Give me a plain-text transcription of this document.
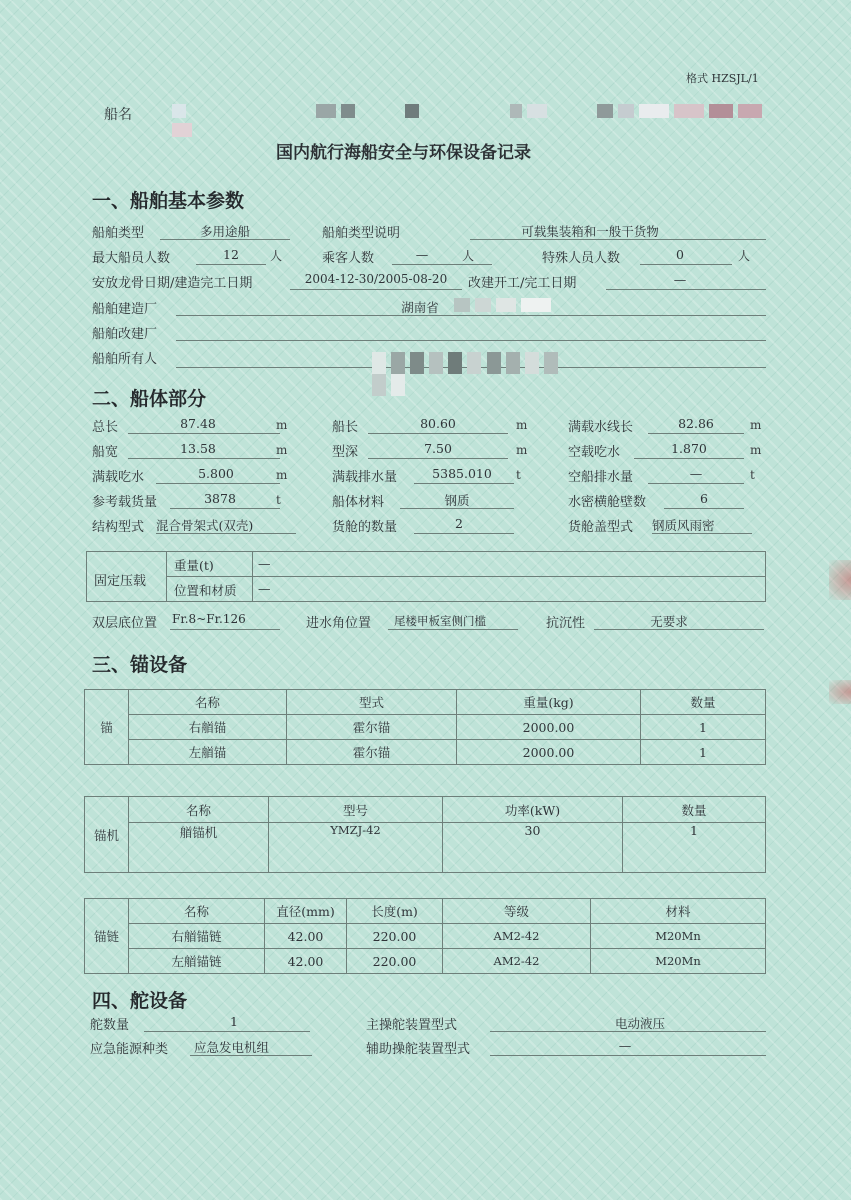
格式 HZSJL/1
船名

国内航行海船安全与环保设备记录
一、船舶基本参数
船舶类型	多用途船	船舶类型说明	可载集装箱和一般干货物
最大船员人数	12	人	乘客人数	—	人	特殊人员人数	0	人
安放龙骨日期/建造完工日期	2004-12-30/2005-08-20	改建开工/完工日期	—
船舶建造厂	湖南省

船舶改建厂
船舶所有人

二、船体部分
总长	87.48	m	船长	80.60	m	满载水线长	82.86	m
船宽	13.58	m	型深	7.50	m	空载吃水	1.870	m
满载吃水	5.800	m	满载排水量	5385.010	t	空船排水量	—	t
参考载货量	3878	t	船体材料	钢质	水密横舱壁数	6
结构型式 混合骨架式(双壳)	货舱的数量	2	货舱盖型式 钢质风雨密
固定压载
重量(t)	—
位置和材质 —
双层底位置 Fr.8~Fr.126	进水角位置 尾楼甲板室侧门槛	抗沉性	无要求
三、锚设备
锚	名称	型式	重量(kg)	数量
	右艏锚	霍尔锚	2000.00	1
	左艏锚	霍尔锚	2000.00	1
锚机	名称	型号	功率(kW)	数量
	艏锚机	YMZJ-42	30	1
锚链	名称	直径(mm)	长度(m)	等级	材料
	右艏锚链	42.00	220.00	AM2-42	M20Mn
	左艏锚链	42.00	220.00	AM2-42	M20Mn
四、舵设备
舵数量	1	主操舵装置型式	电动液压
应急能源种类 应急发电机组	辅助操舵装置型式	—
